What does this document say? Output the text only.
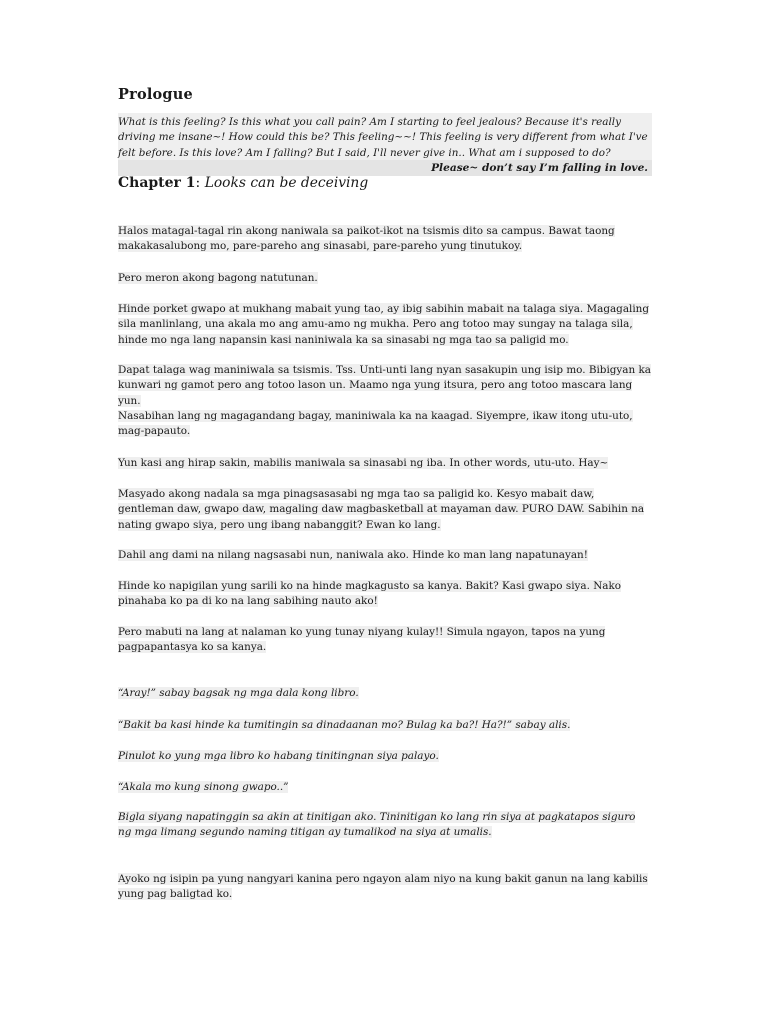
Prologue
What is this feeling? Is this what you call pain? Am I starting to feel jealous? Because it's really driving me insane~! How could this be? This feeling~~! This feeling is very different from what I've felt before. Is this love? Am I falling? But I said, I'll never give in.. What am i supposed to do?
Please~ don’t say I’m falling in love.
Chapter 1: Looks can be deceiving

Halos matagal-tagal rin akong naniwala sa paikot-ikot na tsismis dito sa campus. Bawat taong makakasalubong mo, pare-pareho ang sinasabi, pare-pareho yung tinutukoy.

Pero meron akong bagong natutunan.

Hinde porket gwapo at mukhang mabait yung tao, ay ibig sabihin mabait na talaga siya. Magagaling sila manlinlang, una akala mo ang amu-amo ng mukha. Pero ang totoo may sungay na talaga sila, hinde mo nga lang napansin kasi naniniwala ka sa sinasabi ng mga tao sa paligid mo.

Dapat talaga wag maniniwala sa tsismis. Tss. Unti-unti lang nyan sasakupin ung isip mo. Bibigyan ka kunwari ng gamot pero ang totoo lason un. Maamo nga yung itsura, pero ang totoo mascara lang yun.

Nasabihan lang ng magagandang bagay, maniniwala ka na kaagad. Siyempre, ikaw itong utu-uto, mag-papauto.

Yun kasi ang hirap sakin, mabilis maniwala sa sinasabi ng iba. In other words, utu-uto. Hay~

Masyado akong nadala sa mga pinagsasasabi ng mga tao sa paligid ko. Kesyo mabait daw, gentleman daw, gwapo daw, magaling daw magbasketball at mayaman daw. PURO DAW. Sabihin na nating gwapo siya, pero ung ibang nabanggit? Ewan ko lang.

Dahil ang dami na nilang nagsasabi nun, naniwala ako. Hinde ko man lang napatunayan!

Hinde ko napigilan yung sarili ko na hinde magkagusto sa kanya. Bakit? Kasi gwapo siya. Nako pinahaba ko pa di ko na lang sabihing nauto ako!

Pero mabuti na lang at nalaman ko yung tunay niyang kulay!! Simula ngayon, tapos na yung pagpapantasya ko sa kanya.

“Aray!” sabay bagsak ng mga dala kong libro.

“Bakit ba kasi hinde ka tumitingin sa dinadaanan mo? Bulag ka ba?! Ha?!” sabay alis.

Pinulot ko yung mga libro ko habang tinitingnan siya palayo.

“Akala mo kung sinong gwapo..”

Bigla siyang napatinggin sa akin at tinitigan ako. Tininitigan ko lang rin siya at pagkatapos siguro ng mga limang segundo naming titigan ay tumalikod na siya at umalis.

Ayoko ng isipin pa yung nangyari kanina pero ngayon alam niyo na kung bakit ganun na lang kabilis yung pag baligtad ko.
